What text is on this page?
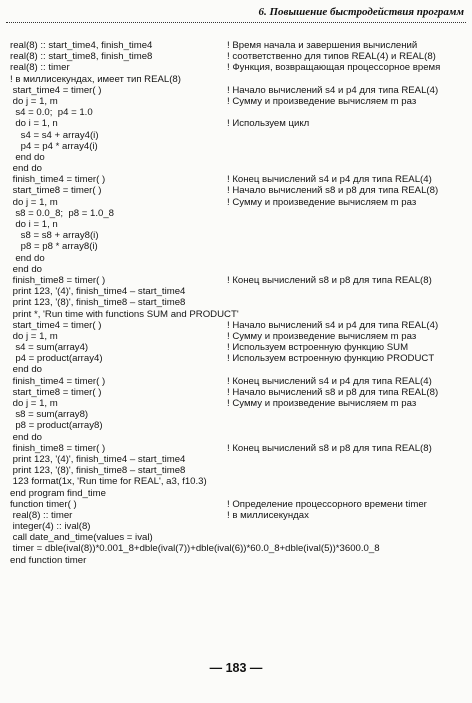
6. Повышение быстродействия программ
real(8) :: start_time4, finish_time4	! Время начала и завершения вычислений
real(8) :: start_time8, finish_time8	! соответственно для типов REAL(4) и REAL(8)
real(8) :: timer	! Функция, возвращающая процессорное время
! в миллисекундах, имеет тип REAL(8)
start_time4 = timer( )	! Начало вычислений s4 и p4 для типа REAL(4)
do j = 1, m	! Сумму и произведение вычисляем m раз
s4 = 0.0;  p4 = 1.0
do i = 1, n	! Используем цикл
s4 = s4 + array4(i)
p4 = p4 * array4(i)
end do
end do
finish_time4 = timer( )	! Конец вычислений s4 и p4 для типа REAL(4)
start_time8 = timer( )	! Начало вычислений s8 и p8 для типа REAL(8)
do j = 1, m	! Сумму и произведение вычисляем m раз
s8 = 0.0_8;  p8 = 1.0_8
do i = 1, n
s8 = s8 + array8(i)
p8 = p8 * array8(i)
end do
end do
finish_time8 = timer( )	! Конец вычислений s8 и p8 для типа REAL(8)
print 123, '(4)', finish_time4 – start_time4
print 123, '(8)', finish_time8 – start_time8
print *, 'Run time with functions SUM and PRODUCT'
start_time4 = timer( )	! Начало вычислений s4 и p4 для типа REAL(4)
do j = 1, m	! Сумму и произведение вычисляем m раз
s4 = sum(array4)	! Используем встроенную функцию SUM
p4 = product(array4)	! Используем встроенную функцию PRODUCT
end do
finish_time4 = timer( )	! Конец вычислений s4 и p4 для типа REAL(4)
start_time8 = timer( )	! Начало вычислений s8 и p8 для типа REAL(8)
do j = 1, m	! Сумму и произведение вычисляем m раз
s8 = sum(array8)
p8 = product(array8)
end do
finish_time8 = timer( )	! Конец вычислений s8 и p8 для типа REAL(8)
print 123, '(4)', finish_time4 – start_time4
print 123, '(8)', finish_time8 – start_time8
123 format(1x, 'Run time for REAL', a3, f10.3)
end program find_time
function timer( )	! Определение процессорного времени timer
real(8) :: timer	! в миллисекундах
integer(4) :: ival(8)
call date_and_time(values = ival)
timer = dble(ival(8))*0.001_8+dble(ival(7))+dble(ival(6))*60.0_8+dble(ival(5))*3600.0_8
end function timer
— 183 —
